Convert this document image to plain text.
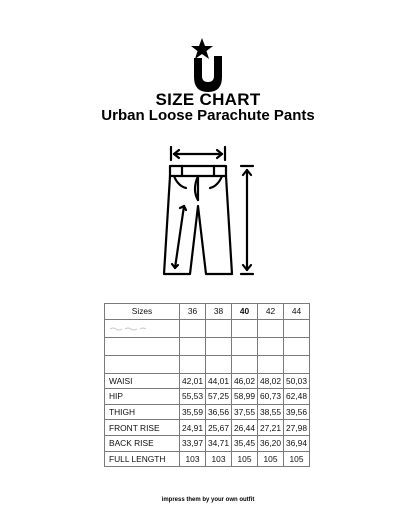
SIZE CHART
Urban Loose Parachute Pants
Sizes	36	38	40	42	44

WAISI	42,01	44,01	46,02	48,02	50,03
HIP	55,53	57,25	58,99	60,73	62,48
THIGH	35,59	36,56	37,55	38,55	39,56
FRONT RISE	24,91	25,67	26,44	27,21	27,98
BACK RISE	33,97	34,71	35,45	36,20	36,94
FULL LENGTH	103	103	105	105	105
impress them by your own outfit
